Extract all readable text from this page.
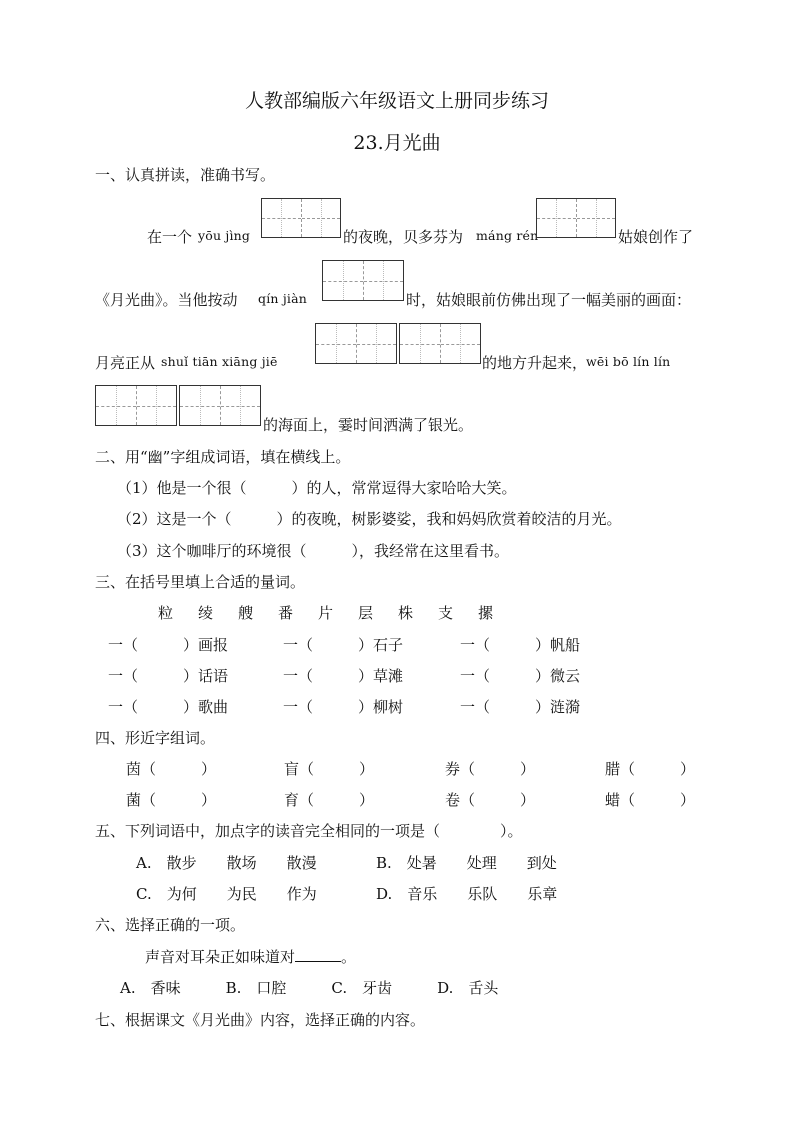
人教部编版六年级语文上册同步练习
23.月光曲
一、认真拼读，准确书写。
在一个 yōu jìng	的夜晚，贝多芬为 máng rén	姑娘创作了
《月光曲》。当他按动 qín jiàn	时，姑娘眼前仿佛出现了一幅美丽的画面：
月亮正从 shuǐ tiān xiāng jiē	的地方升起来，
wēi bō lín lín
的海面上，霎时间洒满了银光。
二、用“幽”字组成词语，填在横线上。
（1）他是一个很（　　　）的人，常常逗得大家哈哈大笑。
（2）这是一个（　　　）的夜晚，树影婆娑，我和妈妈欣赏着皎洁的月光。
（3）这个咖啡厅的环境很（　　　），我经常在这里看书。
三、在括号里填上合适的量词。
粒 绫 艘 番 片 层 株 支 摞
一（　　　）画报	一（　　　）石子	一（　　　）帆船
一（　　　）话语	一（　　　）草滩	一（　　　）微云
一（　　　）歌曲	一（　　　）柳树	一（　　　）涟漪
四、形近字组词。
茵（　　　）	盲（　　　）	券（　　　）	腊（　　　）
菌（　　　）	育（　　　）	卷（　　　）	蜡（　　　）
五、下列词语中，加点字的读音完全相同的一项是（　　　　）。
A.　散步　　散场　　散漫	B.　处暑　　处理　　到处
C.　为何　　为民　　作为	D.　音乐　　乐队　　乐章
六、选择正确的一项。
声音对耳朵正如味道对	。
A.　香味　　　B.　口腔　　　C.　牙齿　　　D.　舌头
七、根据课文《月光曲》内容，选择正确的内容。
